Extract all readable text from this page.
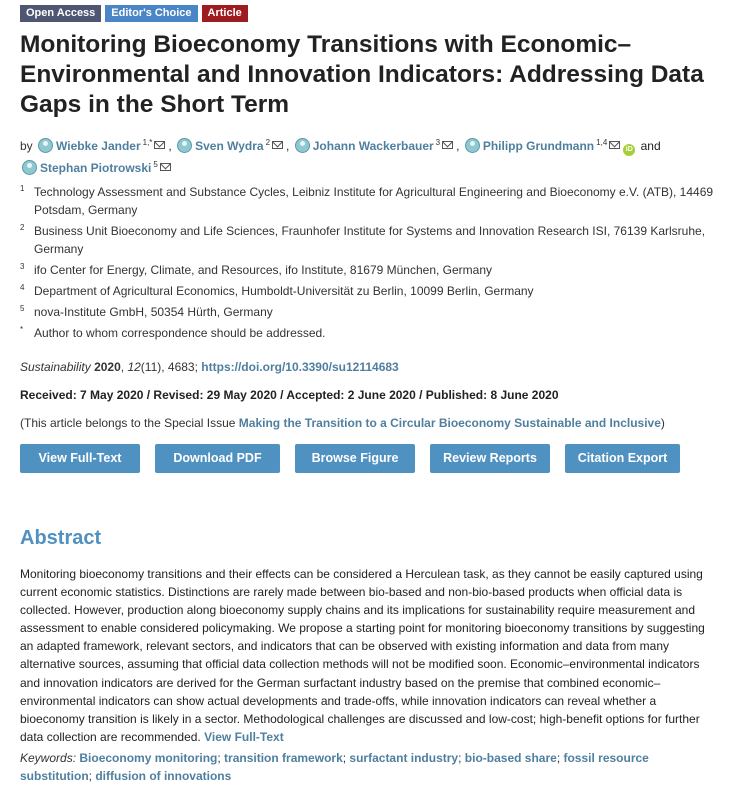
Open Access	Editor's Choice	Article
Monitoring Bioeconomy Transitions with Economic–Environmental and Innovation Indicators: Addressing Data Gaps in the Short Term
by Wiebke Jander $^{1,*}$ , Sven Wydra $^2$ , Johann Wackerbauer $^3$ , Philipp Grundmann $^{1,4}$iD and
Stephan Piotrowski $^5$
1 Technology Assessment and Substance Cycles, Leibniz Institute for Agricultural Engineering and Bioeconomy e.V. (ATB), 14469 Potsdam, Germany
2 Business Unit Bioeconomy and Life Sciences, Fraunhofer Institute for Systems and Innovation Research ISI, 76139 Karlsruhe, Germany
3 ifo Center for Energy, Climate, and Resources, ifo Institute, 81679 München, Germany
4 Department of Agricultural Economics, Humboldt-Universität zu Berlin, 10099 Berlin, Germany
5 nova-Institute GmbH, 50354 Hürth, Germany
* Author to whom correspondence should be addressed.
Sustainability 2020, 12(11), 4683; https://doi.org/10.3390/su12114683
Received: 7 May 2020 / Revised: 29 May 2020 / Accepted: 2 June 2020 / Published: 8 June 2020
(This article belongs to the Special Issue Making the Transition to a Circular Bioeconomy Sustainable and Inclusive)
View Full-Text	Download PDF	Browse Figure	Review Reports	Citation Export
Abstract
Monitoring bioeconomy transitions and their effects can be considered a Herculean task, as they cannot be easily captured using current economic statistics. Distinctions are rarely made between bio-based and non-bio-based products when official data is collected. However, production along bioeconomy supply chains and its implications for sustainability require measurement and assessment to enable considered policymaking. We propose a starting point for monitoring bioeconomy transitions by suggesting an adapted framework, relevant sectors, and indicators that can be observed with existing information and data from many alternative sources, assuming that official data collection methods will not be modified soon. Economic–environmental indicators and innovation indicators are derived for the German surfactant industry based on the premise that combined economic–environmental indicators can show actual developments and trade-offs, while innovation indicators can reveal whether a bioeconomy transition is likely in a sector. Methodological challenges are discussed and low-cost; high-benefit options for further data collection are recommended. View Full-Text
Keywords: Bioeconomy monitoring; transition framework; surfactant industry; bio-based share; fossil resource substitution; diffusion of innovations
